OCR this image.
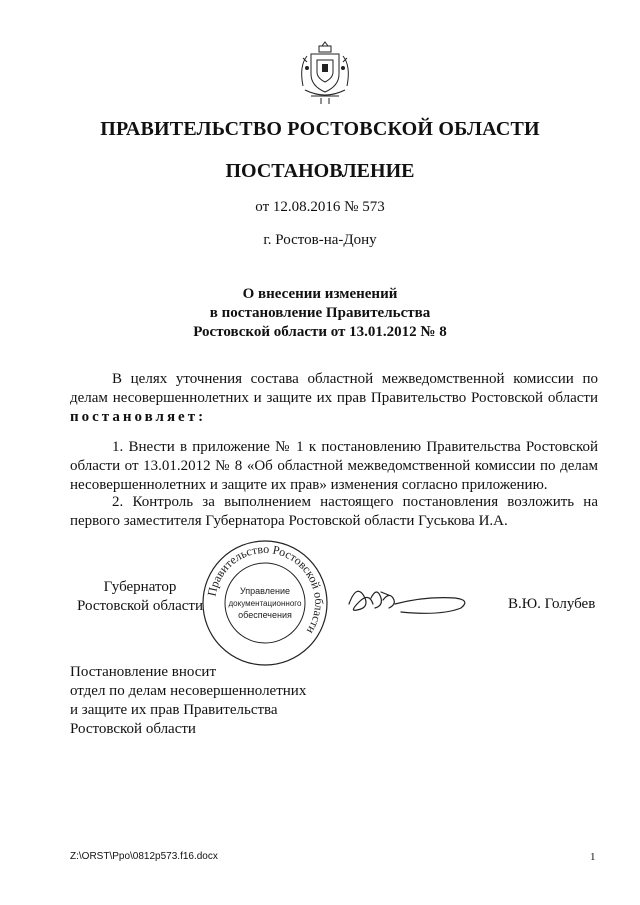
ПРАВИТЕЛЬСТВО РОСТОВСКОЙ ОБЛАСТИ
ПОСТАНОВЛЕНИЕ
от 12.08.2016 № 573
г. Ростов-на-Дону
О внесении изменений
в постановление Правительства
Ростовской области от 13.01.2012 № 8

В целях уточнения состава областной межведомственной комиссии по делам несовершеннолетних и защите их прав Правительство Ростовской области постановляет:

1. Внести в приложение № 1 к постановлению Правительства Ростовской области от 13.01.2012 № 8 «Об областной межведомственной комиссии по делам несовершеннолетних и защите их прав» изменения согласно приложению.

2. Контроль за выполнением настоящего постановления возложить на первого заместителя Губернатора Ростовской области Гуськова И.А.

Губернатор
Ростовской области
Правительство Ростовской области
Управление
документационного
обеспечения
В.Ю. Голубев
Постановление вносит
отдел по делам несовершеннолетних
и защите их прав Правительства
Ростовской области
Z:\ORST\Ppo\0812p573.f16.docx	1
